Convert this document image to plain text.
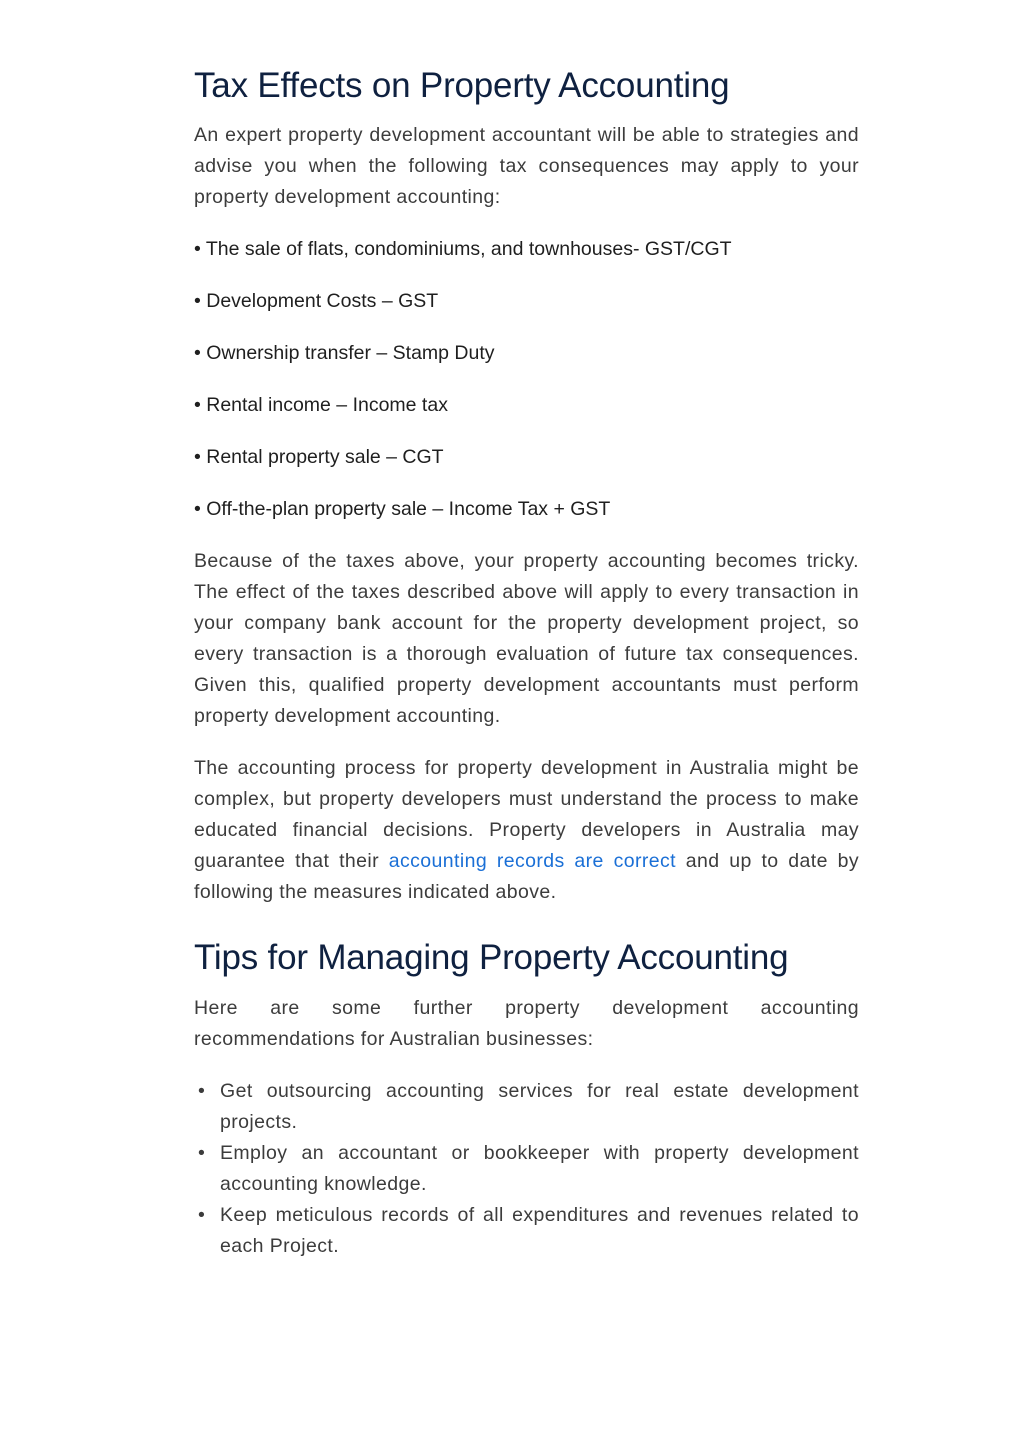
Tax Effects on Property Accounting

An expert property development accountant will be able to strategies and advise you when the following tax consequences may apply to your property development accounting:

• The sale of flats, condominiums, and townhouses- GST/CGT
• Development Costs – GST
• Ownership transfer – Stamp Duty
• Rental income – Income tax
• Rental property sale – CGT
• Off-the-plan property sale – Income Tax + GST

Because of the taxes above, your property accounting becomes tricky. The effect of the taxes described above will apply to every transaction in your company bank account for the property development project, so every transaction is a thorough evaluation of future tax consequences. Given this, qualified property development accountants must perform property development accounting.

The accounting process for property development in Australia might be complex, but property developers must understand the process to make educated financial decisions. Property developers in Australia may guarantee that their accounting records are correct and up to date by following the measures indicated above.

Tips for Managing Property Accounting

Here are some further property development accounting recommendations for Australian businesses:

• Get outsourcing accounting services for real estate development projects.
• Employ an accountant or bookkeeper with property development accounting knowledge.
• Keep meticulous records of all expenditures and revenues related to each Project.
